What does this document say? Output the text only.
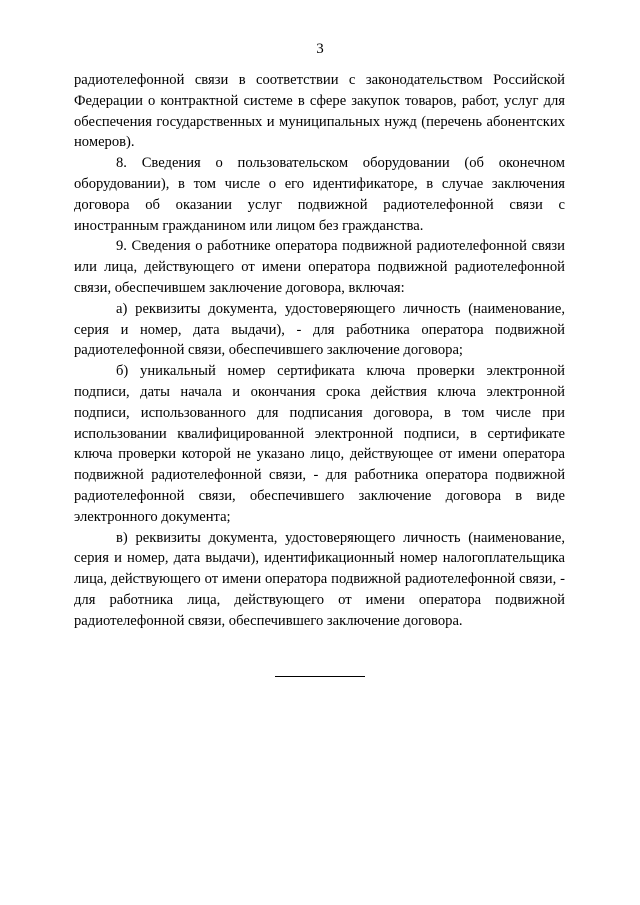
3

радиотелефонной связи в соответствии с законодательством Российской Федерации о контрактной системе в сфере закупок товаров, работ, услуг для обеспечения государственных и муниципальных нужд (перечень абонентских номеров).

8. Сведения о пользовательском оборудовании (об оконечном оборудовании), в том числе о его идентификаторе, в случае заключения договора об оказании услуг подвижной радиотелефонной связи с иностранным гражданином или лицом без гражданства.

9. Сведения о работнике оператора подвижной радиотелефонной связи или лица, действующего от имени оператора подвижной радиотелефонной связи, обеспечившем заключение договора, включая:

а) реквизиты документа, удостоверяющего личность (наименование, серия и номер, дата выдачи), - для работника оператора подвижной радиотелефонной связи, обеспечившего заключение договора;

б) уникальный номер сертификата ключа проверки электронной подписи, даты начала и окончания срока действия ключа электронной подписи, использованного для подписания договора, в том числе при использовании квалифицированной электронной подписи, в сертификате ключа проверки которой не указано лицо, действующее от имени оператора подвижной радиотелефонной связи, - для работника оператора подвижной радиотелефонной связи, обеспечившего заключение договора в виде электронного документа;

в) реквизиты документа, удостоверяющего личность (наименование, серия и номер, дата выдачи), идентификационный номер налогоплательщика лица, действующего от имени оператора подвижной радиотелефонной связи, - для работника лица, действующего от имени оператора подвижной радиотелефонной связи, обеспечившего заключение договора.
